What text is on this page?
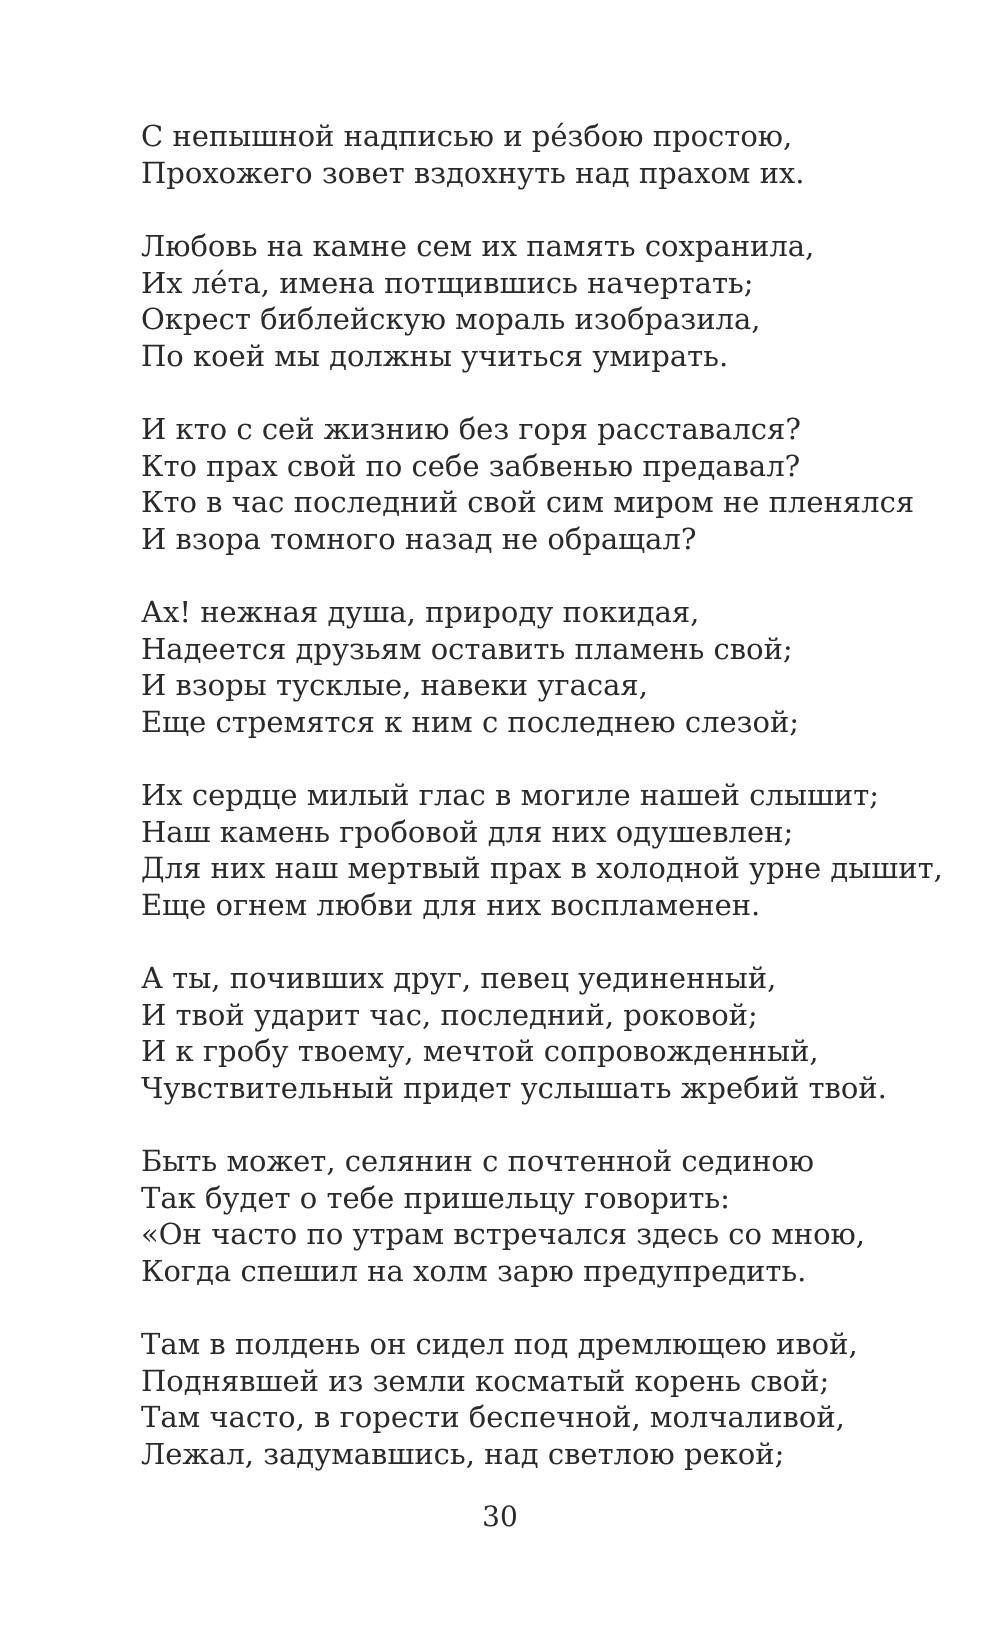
С непышной надписью и ре́збою простою,
Прохожего зовет вздохнуть над прахом их.
Любовь на камне сем их память сохранила,
Их ле́та, имена потщившись начертать;
Окрест библейскую мораль изобразила,
По коей мы должны учиться умирать.
И кто с сей жизнию без горя расставался?
Кто прах свой по себе забвенью предавал?
Кто в час последний свой сим миром не пленялся
И взора томного назад не обращал?
Ах! нежная душа, природу покидая,
Надеется друзьям оставить пламень свой;
И взоры тусклые, навеки угасая,
Еще стремятся к ним с последнею слезой;
Их сердце милый глас в могиле нашей слышит;
Наш камень гробовой для них одушевлен;
Для них наш мертвый прах в холодной урне дышит,
Еще огнем любви для них воспламенен.
А ты, почивших друг, певец уединенный,
И твой ударит час, последний, роковой;
И к гробу твоему, мечтой сопровожденный,
Чувствительный придет услышать жребий твой.
Быть может, селянин с почтенной сединою
Так будет о тебе пришельцу говорить:
«Он часто по утрам встречался здесь со мною,
Когда спешил на холм зарю предупредить.
Там в полдень он сидел под дремлющею ивой,
Поднявшей из земли косматый корень свой;
Там часто, в горести беспечной, молчаливой,
Лежал, задумавшись, над светлою рекой;
30
